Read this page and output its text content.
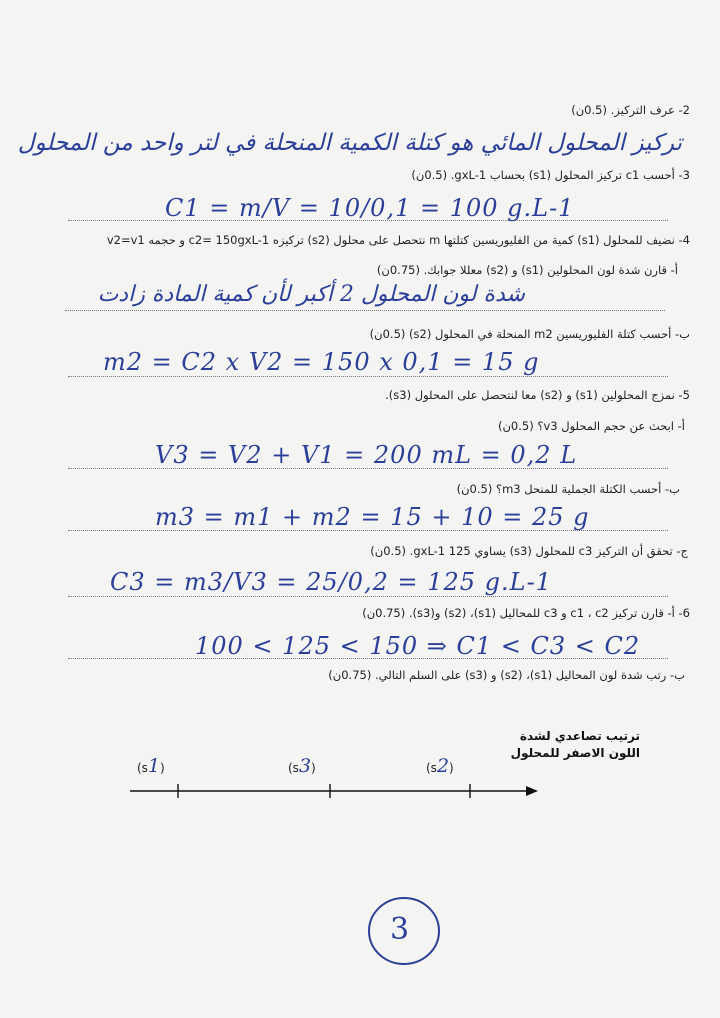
2- عرف التركيز. (0.5ن)
تركيز المحلول المائي هو كتلة الكمية المنحلة في لتر واحد من المحلول
3- أحسب c1 تركيز المحلول (s1) بحساب gxL-1. (0.5ن)
C1 = m/V = 10/0,1 = 100 g.L-1
4- نضيف للمحلول (s1) كمية من الفليوريسين كتلتها m نتحصل على محلول (s2) تركيزه c2= 150gxL-1 و حجمه v2=v1
أ- قارن شدة لون المحلولين (s1) و (s2) معللا جوابك. (0.75ن)
شدة لون المحلول 2 أكبر لأن كمية المادة زادت
ب- أحسب كتلة الفليوريسين m2 المنحلة في المحلول (s2) (0.5ن)
m2 = C2 x V2 = 150 x 0,1 = 15 g
5- نمزج المحلولين (s1) و (s2) معا لنتحصل على المحلول (s3).
أ- ابحث عن حجم المحلول v3؟ (0.5ن)
V3 = V2 + V1 = 200 mL = 0,2 L
ب- أحسب الكتلة الجملية للمنحل m3؟ (0.5ن)
m3 = m1 + m2 = 15 + 10 = 25 g
ج- تحقق أن التركيز c3 للمحلول (s3) يساوي 125 gxL-1. (0.5ن)
C3 = m3/V3 = 25/0,2 = 125 g.L-1
6- أ- قارن تركيز c1 ، c2 و c3 للمحاليل (s1)، (s2) و(s3). (0.75ن)
100 < 125 < 150 ⇒ C1 < C3 < C2
ب- رتب شدة لون المحاليل (s1)، (s2) و (s3) على السلم التالي. (0.75ن)
ترتيب تصاعدي لشدة
اللون الاصفر للمحلول
(s1)	(s3)	(s2)
3
